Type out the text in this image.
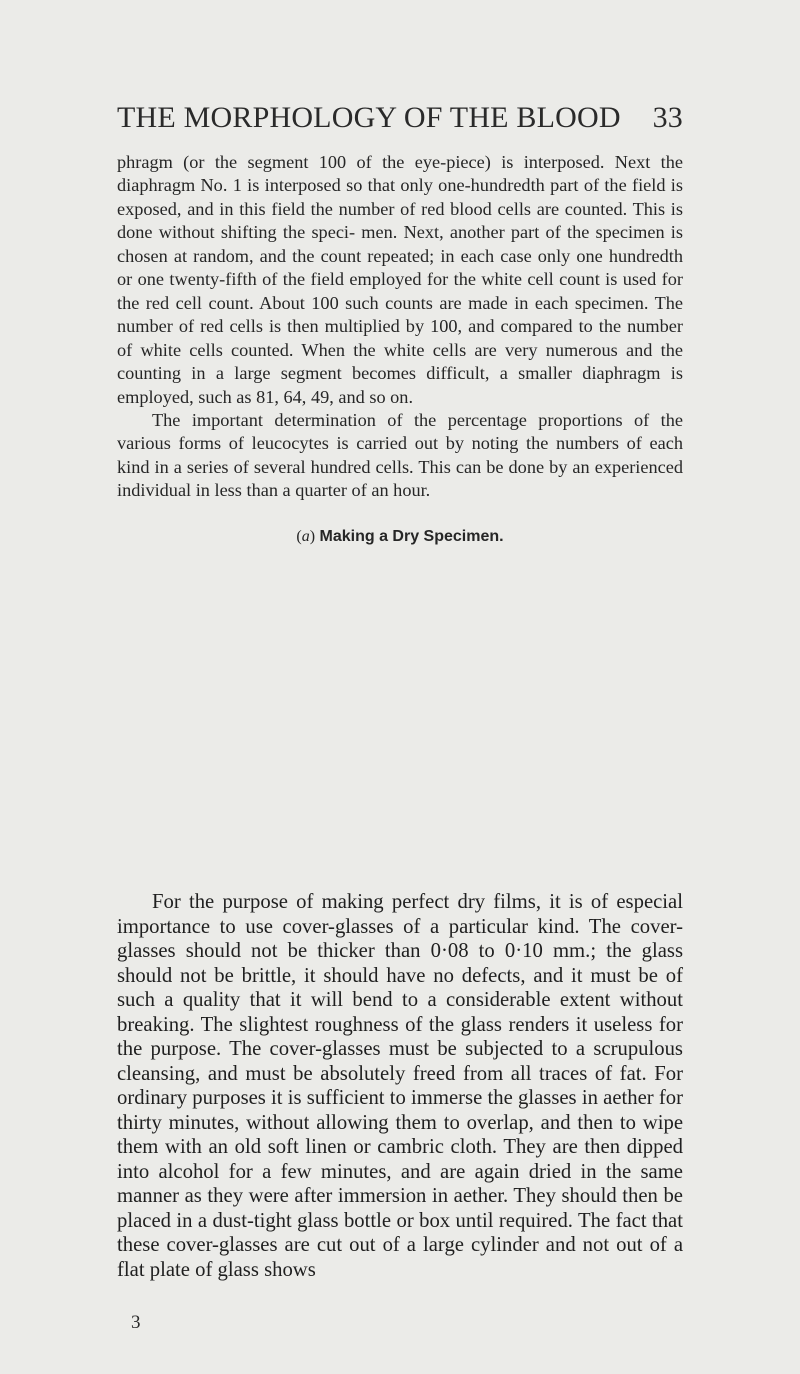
THE MORPHOLOGY OF THE BLOOD 33

phragm (or the segment 100 of the eye-piece) is interposed. Next the diaphragm No. 1 is interposed so that only one-hundredth part of the field is exposed, and in this field the number of red blood cells are counted. This is done without shifting the speci- men. Next, another part of the specimen is chosen at random, and the count repeated; in each case only one hundredth or one twenty-fifth of the field employed for the white cell count is used for the red cell count. About 100 such counts are made in each specimen. The number of red cells is then multiplied by 100, and compared to the number of white cells counted. When the white cells are very numerous and the counting in a large segment becomes difficult, a smaller diaphragm is employed, such as 81, 64, 49, and so on.

The important determination of the percentage proportions of the various forms of leucocytes is carried out by noting the numbers of each kind in a series of several hundred cells. This can be done by an experienced individual in less than a quarter of an hour.

(a) Making a Dry Specimen.

For the purpose of making perfect dry films, it is of especial importance to use cover-glasses of a particular kind. The cover- glasses should not be thicker than 0·08 to 0·10 mm.; the glass should not be brittle, it should have no defects, and it must be of such a quality that it will bend to a considerable extent without breaking. The slightest roughness of the glass renders it useless for the purpose. The cover-glasses must be subjected to a scrupulous cleansing, and must be absolutely freed from all traces of fat. For ordinary purposes it is sufficient to immerse the glasses in aether for thirty minutes, without allowing them to overlap, and then to wipe them with an old soft linen or cambric cloth. They are then dipped into alcohol for a few minutes, and are again dried in the same manner as they were after immersion in aether. They should then be placed in a dust-tight glass bottle or box until required. The fact that these cover-glasses are cut out of a large cylinder and not out of a flat plate of glass shows

3
